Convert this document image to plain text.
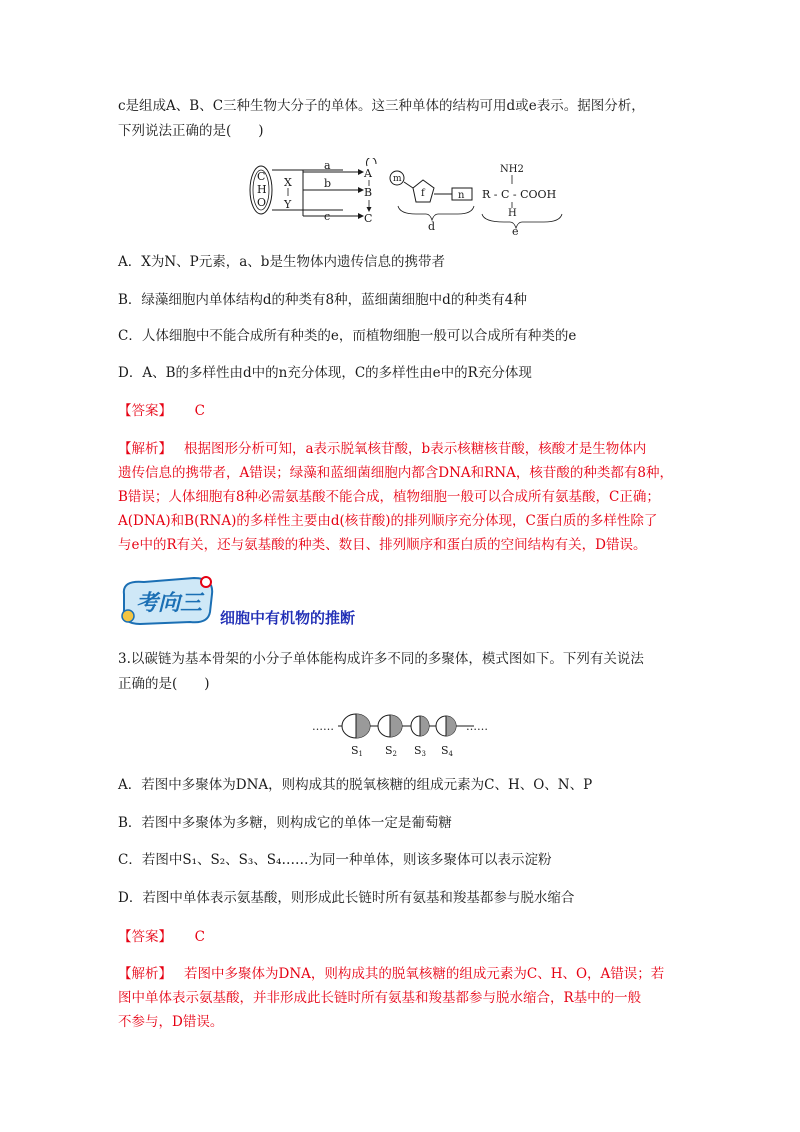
c是组成A、B、C三种生物大分子的单体。这三种单体的结构可用d或e表示。据图分析，
下列说法正确的是(　　)
C
H
O
X
Y
a
b
c
A
B
C
m
f	n
d
NH2
R - C - COOH
H
e
A．X为N、P元素，a、b是生物体内遗传信息的携带者
B．绿藻细胞内单体结构d的种类有8种，蓝细菌细胞中d的种类有4种
C．人体细胞中不能合成所有种类的e，而植物细胞一般可以合成所有种类的e
D．A、B的多样性由d中的n充分体现，C的多样性由e中的R充分体现
【答案】 C
【解析】 根据图形分析可知，a表示脱氧核苷酸，b表示核糖核苷酸，核酸才是生物体内
遗传信息的携带者，A错误；绿藻和蓝细菌细胞内都含DNA和RNA，核苷酸的种类都有8种，
B错误；人体细胞有8种必需氨基酸不能合成，植物细胞一般可以合成所有氨基酸，C正确；
A(DNA)和B(RNA)的多样性主要由d(核苷酸)的排列顺序充分体现，C蛋白质的多样性除了
与e中的R有关，还与氨基酸的种类、数目、排列顺序和蛋白质的空间结构有关，D错误。
考向三
细胞中有机物的推断
3.以碳链为基本骨架的小分子单体能构成许多不同的多聚体，模式图如下。下列有关说法
正确的是(　　)
……	……
S1 S2 S3 S4
A．若图中多聚体为DNA，则构成其的脱氧核糖的组成元素为C、H、O、N、P
B．若图中多聚体为多糖，则构成它的单体一定是葡萄糖
C．若图中S₁、S₂、S₃、S₄……为同一种单体，则该多聚体可以表示淀粉
D．若图中单体表示氨基酸，则形成此长链时所有氨基和羧基都参与脱水缩合
【答案】 C
【解析】 若图中多聚体为DNA，则构成其的脱氧核糖的组成元素为C、H、O，A错误；若
图中单体表示氨基酸，并非形成此长链时所有氨基和羧基都参与脱水缩合，R基中的一般
不参与，D错误。
